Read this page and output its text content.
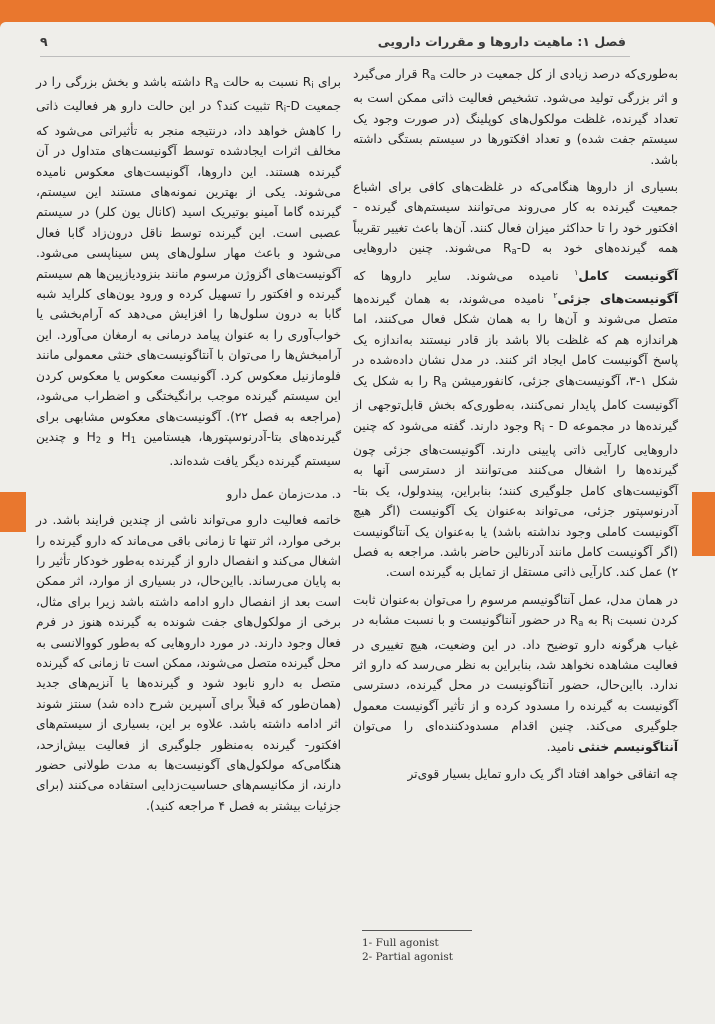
فصل ۱: ماهیت داروها و مقررات دارویی
۹

به‌طوری‌که درصد زیادی از کل جمعیت در حالت $R_a$ قرار می‌گیرد و اثر بزرگی تولید می‌شود. تشخیص فعالیت ذاتی ممکن است به تعداد گیرنده، غلظت مولکول‌های کوپلینگ (در صورت وجود یک سیستم جفت شده) و تعداد افکتورها در سیستم بستگی داشته باشد.

بسیاری از داروها هنگامی‌که در غلظت‌های کافی برای اشباع جمعیت گیرنده به کار می‌روند می‌توانند سیستم‌های گیرنده - افکتور خود را تا حداکثر میزان فعال کنند. آن‌ها باعث تغییر تقریباً همه گیرنده‌های خود به $R_a-D$ می‌شوند. چنین داروهایی آگونیست کامل$^۱$ نامیده می‌شوند. سایر داروها که آگونیست‌های جزئی$^۲$ نامیده می‌شوند، به همان گیرنده‌ها متصل می‌شوند و آن‌ها را به همان شکل فعال می‌کنند، اما هراندازه هم که غلظت بالا باشد باز قادر نیستند به‌اندازه یک پاسخ آگونیست کامل ایجاد اثر کنند. در مدل نشان داده‌شده در شکل ۱-۳، آگونیست‌های جزئی، کانفورمیشن $R_a$ را به شکل یک آگونیست کامل پایدار نمی‌کنند، به‌طوری‌که بخش قابل‌توجهی از گیرنده‌ها در مجموعه $R_i$ - D وجود دارند. گفته می‌شود که چنین داروهایی کارآیی ذاتی پایینی دارند. آگونیست‌های جزئی چون گیرنده‌ها را اشغال می‌کنند می‌توانند از دسترسی آنها به آگونیست‌های کامل جلوگیری کنند؛ بنابراین، پیندولول، یک بتا- آدرنوسپتور جزئی، می‌تواند به‌عنوان یک آگونیست (اگر هیچ آگونیست کاملی وجود نداشته باشد) یا به‌عنوان یک آنتاگونیست (اگر آگونیست کامل مانند آدرنالین حاضر باشد. مراجعه به فصل ۲) عمل کند. کارآیی ذاتی مستقل از تمایل به گیرنده است.

در همان مدل، عمل آنتاگونیسم مرسوم را می‌توان به‌عنوان ثابت کردن نسبت $R_i$ به $R_a$ در حضور آنتاگونیست و با نسبت مشابه در غیاب هرگونه دارو توضیح داد. در این وضعیت، هیچ تغییری در فعالیت مشاهده نخواهد شد، بنابراین به نظر می‌رسد که دارو اثر ندارد. بااین‌حال، حضور آنتاگونیست در محل گیرنده، دسترسی آگونیست به گیرنده را مسدود کرده و از تأثیر آگونیست معمول جلوگیری می‌کند. چنین اقدام مسدودکننده‌ای را می‌توان آنتاگونیسم خنثی نامید.

چه اتفاقی خواهد افتاد اگر یک دارو تمایل بسیار قوی‌تر

برای $R_i$ نسبت به حالت $R_a$ داشته باشد و بخش بزرگی را در جمعیت $R_i-D$ تثبیت کند؟ در این حالت دارو هر فعالیت ذاتی را کاهش خواهد داد، درنتیجه منجر به تأثیراتی می‌شود که مخالف اثرات ایجادشده توسط آگونیست‌های متداول در آن گیرنده هستند. این داروها، آگونیست‌های معکوس نامیده می‌شوند. یکی از بهترین نمونه‌های مستند این سیستم، گیرنده گاما آمینو بوتیریک اسید (کانال یون کلر) در سیستم عصبی است. این گیرنده توسط ناقل درون‌زاد گابا فعال می‌شود و باعث مهار سلول‌های پس سیناپسی می‌شود. آگونیست‌های اگزوژن مرسوم مانند بنزودیازپین‌ها هم سیستم گیرنده و افکتور را تسهیل کرده و ورود یون‌های کلراید شبه گابا به درون سلول‌ها را افزایش می‌دهد که آرام‌بخشی یا خواب‌آوری را به عنوان پیامد درمانی به ارمغان می‌آورد. این آرامبخش‌ها را می‌توان با آنتاگونیست‌های خنثی معمولی مانند فلومازنیل معکوس کرد. آگونیست معکوس یا معکوس کردن این سیستم گیرنده موجب برانگیختگی و اضطراب می‌شود، (مراجعه به فصل ۲۲). آگونیست‌های معکوس مشابهی برای گیرنده‌های بتا-آدرنوسپتورها، هیستامین $H_1$ و $H_2$ و چندین سیستم گیرنده دیگر یافت شده‌اند.

د. مدت‌زمان عمل دارو

خاتمه فعالیت دارو می‌تواند ناشی از چندین فرایند باشد. در برخی موارد، اثر تنها تا زمانی باقی می‌ماند که دارو گیرنده را اشغال می‌کند و انفصال دارو از گیرنده به‌طور خودکار تأثیر را به پایان می‌رساند. بااین‌حال، در بسیاری از موارد، اثر ممکن است بعد از انفصال دارو ادامه داشته باشد زیرا برای مثال، برخی از مولکول‌های جفت شونده به گیرنده هنوز در فرم فعال وجود دارند. در مورد داروهایی که به‌طور کووالانسی به محل گیرنده متصل می‌شوند، ممکن است تا زمانی که گیرنده متصل به دارو نابود شود و گیرنده‌ها یا آنزیم‌های جدید (همان‌طور که قبلاً برای آسپرین شرح داده شد) سنتز شوند اثر ادامه داشته باشد. علاوه بر این، بسیاری از سیستم‌های افکتور- گیرنده به‌منظور جلوگیری از فعالیت بیش‌از‌حد، هنگامی‌که مولکول‌های آگونیست‌ها به مدت طولانی حضور دارند، از مکانیسم‌های حساسیت‌زدایی استفاده می‌کنند (برای جزئیات بیشتر به فصل ۴ مراجعه کنید).

1- Full agonist
2- Partial agonist
